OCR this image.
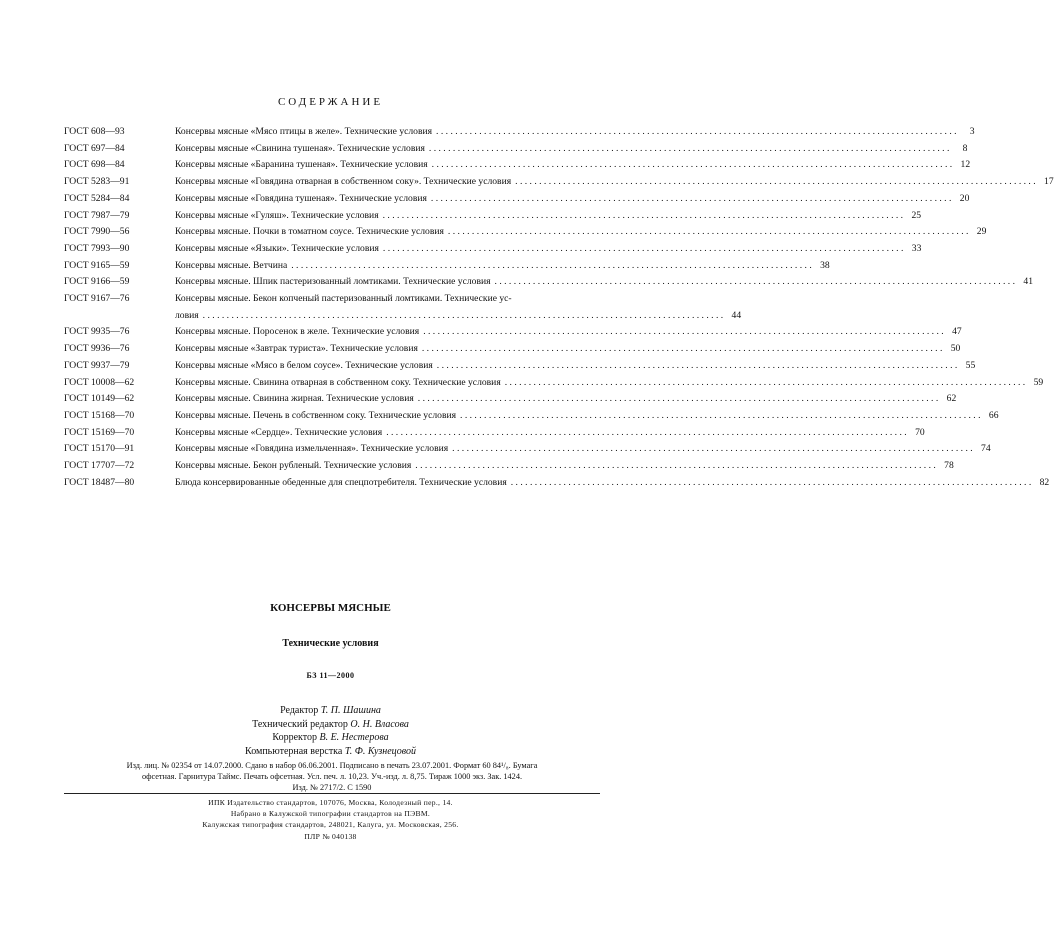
СОДЕРЖАНИЕ
ГОСТ 608—93	Консервы мясные «Мясо птицы в желе». Технические условия . . .	3
ГОСТ 697—84	Консервы мясные «Свинина тушеная». Технические условия . . .	8
ГОСТ 698—84	Консервы мясные «Баранина тушеная». Технические условия . . .	12
ГОСТ 5283—91	Консервы мясные «Говядина отварная в собственном соку». Технические условия . . .	17
ГОСТ 5284—84	Консервы мясные «Говядина тушеная». Технические условия . . .	20
ГОСТ 7987—79	Консервы мясные «Гуляш». Технические условия . . .	25
ГОСТ 7990—56	Консервы мясные. Почки в томатном соусе. Технические условия . . .	29
ГОСТ 7993—90	Консервы мясные «Языки». Технические условия . . .	33
ГОСТ 9165—59	Консервы мясные. Ветчина . . .	38
ГОСТ 9166—59	Консервы мясные. Шпик пастеризованный ломтиками. Технические условия . . .	41
ГОСТ 9167—76	Консервы мясные. Бекон копченый пастеризованный ломтиками. Технические ус-
ловия . . .	44
ГОСТ 9935—76	Консервы мясные. Поросенок в желе. Технические условия . . .	47
ГОСТ 9936—76	Консервы мясные «Завтрак туриста». Технические условия . . .	50
ГОСТ 9937—79	Консервы мясные «Мясо в белом соусе». Технические условия . . .	55
ГОСТ 10008—62	Консервы мясные. Свинина отварная в собственном соку. Технические условия . . .	59
ГОСТ 10149—62	Консервы мясные. Свинина жирная. Технические условия . . .	62
ГОСТ 15168—70	Консервы мясные. Печень в собственном соку. Технические условия . . .	66
ГОСТ 15169—70	Консервы мясные «Сердце». Технические условия . . .	70
ГОСТ 15170—91	Консервы мясные «Говядина измельченная». Технические условия . . .	74
ГОСТ 17707—72	Консервы мясные. Бекон рубленый. Технические условия . . .	78
ГОСТ 18487—80	Блюда консервированные обеденные для спецпотребителя. Технические условия . . .	82
КОНСЕРВЫ МЯСНЫЕ
Технические условия
БЗ 11—2000
Редактор Т. П. Шашина
Технический редактор О. Н. Власова
Корректор В. Е. Нестерова
Компьютерная верстка Т. Ф. Кузнецовой
Изд. лиц. № 02354 от 14.07.2000. Сдано в набор 06.06.2001. Подписано в печать 23.07.2001. Формат 60 84¹/₈. Бумага
офсетная. Гарнитура Таймс. Печать офсетная. Усл. печ. л. 10,23. Уч.-изд. л. 8,75. Тираж 1000 экз. Зак. 1424.
Изд. № 2717/2. С 1590
ИПК Издательство стандартов, 107076, Москва, Колодезный пер., 14.
Набрано в Калужской типографии стандартов на ПЭВМ.
Калужская типография стандартов, 248021, Калуга, ул. Московская, 256.
ПЛР № 040138
